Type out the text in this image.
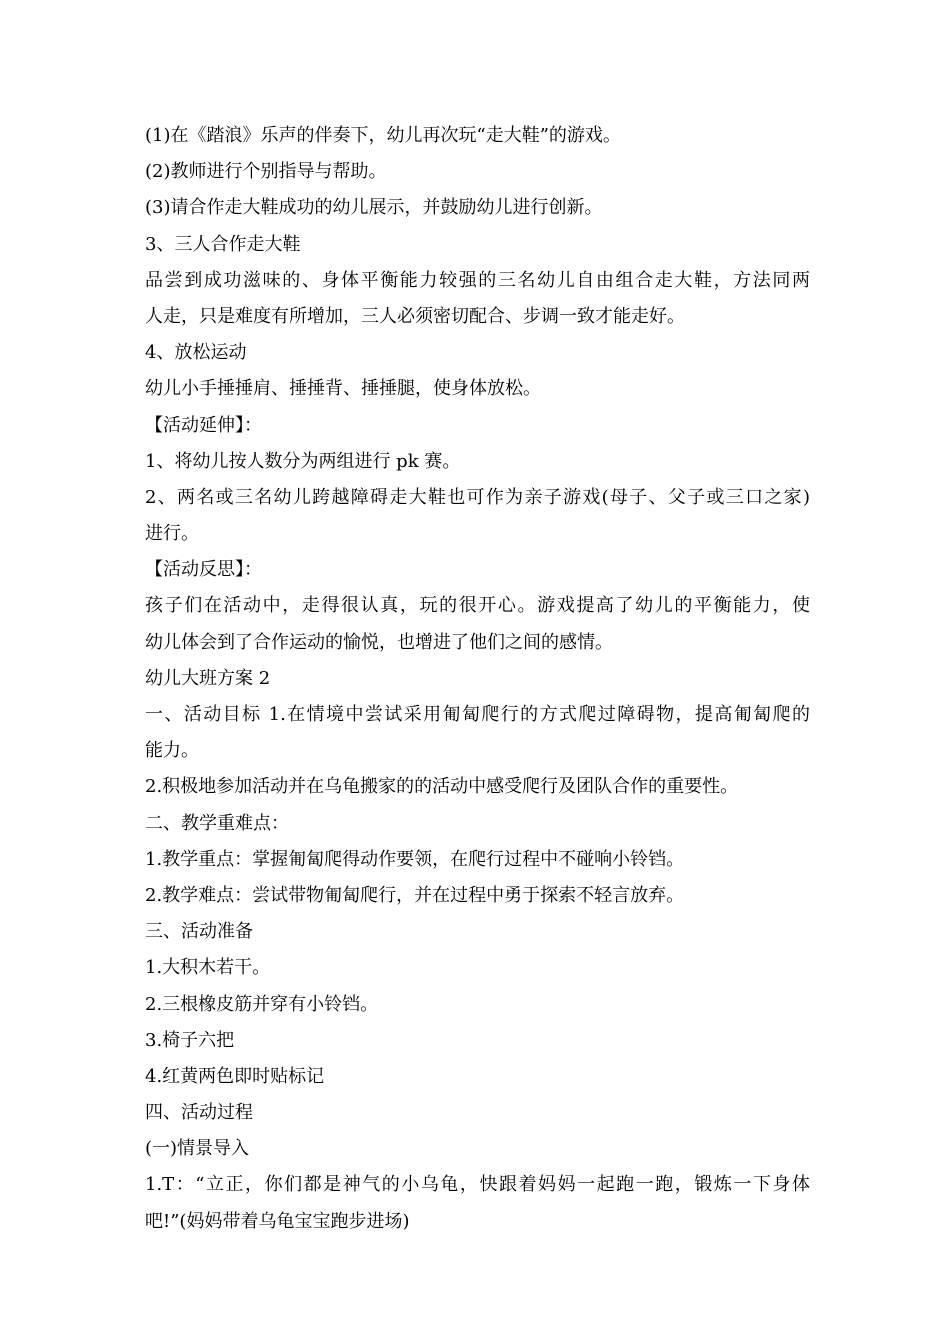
(1)在《踏浪》乐声的伴奏下，幼儿再次玩“走大鞋”的游戏。
(2)教师进行个别指导与帮助。
(3)请合作走大鞋成功的幼儿展示，并鼓励幼儿进行创新。
3、三人合作走大鞋
品尝到成功滋味的、身体平衡能力较强的三名幼儿自由组合走大鞋，方法同两
人走，只是难度有所增加，三人必须密切配合、步调一致才能走好。
4、放松运动
幼儿小手捶捶肩、捶捶背、捶捶腿，使身体放松。
【活动延伸】：
1、将幼儿按人数分为两组进行 pk 赛。
2、两名或三名幼儿跨越障碍走大鞋也可作为亲子游戏(母子、父子或三口之家)
进行。
【活动反思】：
孩子们在活动中，走得很认真，玩的很开心。游戏提高了幼儿的平衡能力，使
幼儿体会到了合作运动的愉悦，也增进了他们之间的感情。
幼儿大班方案 2
一、活动目标 1.在情境中尝试采用匍匐爬行的方式爬过障碍物，提高匍匐爬的
能力。
2.积极地参加活动并在乌龟搬家的的活动中感受爬行及团队合作的重要性。
二、教学重难点：
1.教学重点：掌握匍匐爬得动作要领，在爬行过程中不碰响小铃铛。
2.教学难点：尝试带物匍匐爬行，并在过程中勇于探索不轻言放弃。
三、活动准备
1.大积木若干。
2.三根橡皮筋并穿有小铃铛。
3.椅子六把
4.红黄两色即时贴标记
四、活动过程
(一)情景导入
1.T：“立正，你们都是神气的小乌龟，快跟着妈妈一起跑一跑，锻炼一下身体
吧!”(妈妈带着乌龟宝宝跑步进场)
